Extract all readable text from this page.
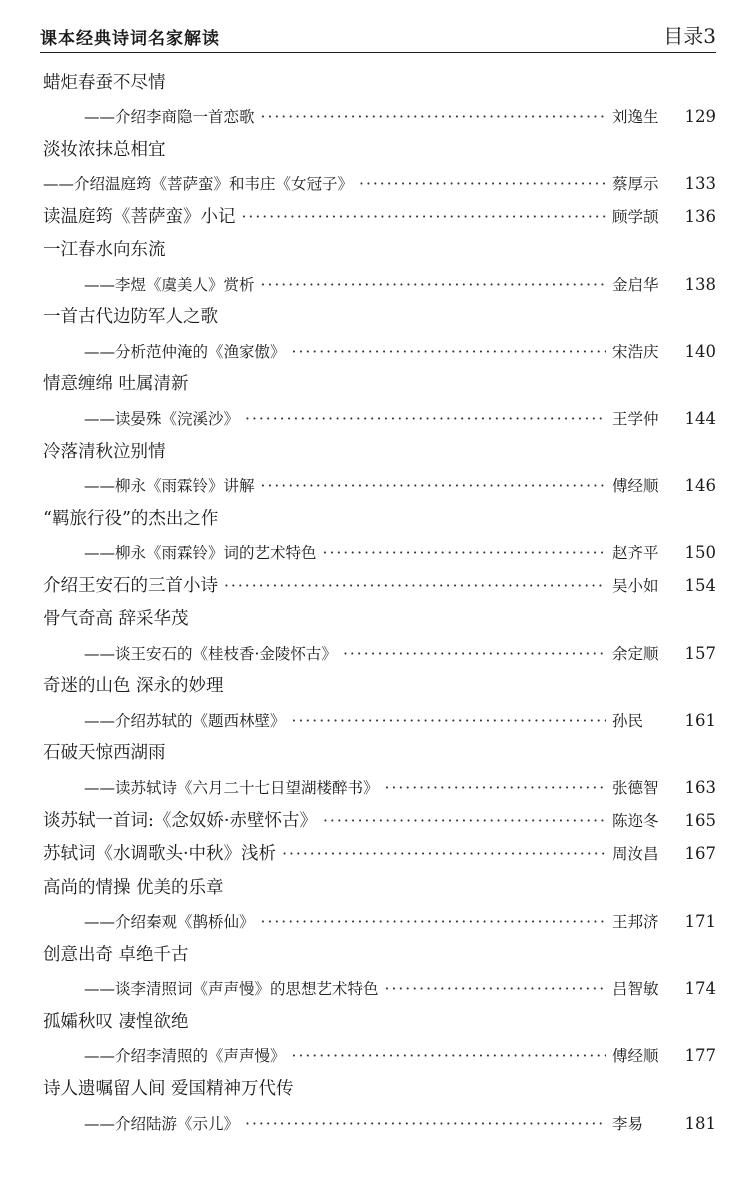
课本经典诗词名家解读	目录3
蜡炬春蚕不尽情
——介绍李商隐一首恋歌 ·····	刘逸生	129
淡妆浓抹总相宜
——介绍温庭筠《菩萨蛮》和韦庄《女冠子》 ·····	蔡厚示	133
读温庭筠《菩萨蛮》小记 ·····	顾学颉	136
一江春水向东流
——李煜《虞美人》赏析 ·····	金启华	138
一首古代边防军人之歌
——分析范仲淹的《渔家傲》 ·····	宋浩庆	140
情意缠绵 吐属清新
——读晏殊《浣溪沙》 ·····	王学仲	144
冷落清秋泣别情
——柳永《雨霖铃》讲解 ·····	傅经顺	146
“羁旅行役”的杰出之作
——柳永《雨霖铃》词的艺术特色 ·····	赵齐平	150
介绍王安石的三首小诗 ·····	吴小如	154
骨气奇高 辞采华茂
——谈王安石的《桂枝香·金陵怀古》 ·····	余定顺	157
奇迷的山色 深永的妙理
——介绍苏轼的《题西林壁》 ·····	孙民	161
石破天惊西湖雨
——读苏轼诗《六月二十七日望湖楼醉书》 ·····	张德智	163
谈苏轼一首词:《念奴娇·赤壁怀古》 ·····	陈迩冬	165
苏轼词《水调歌头·中秋》浅析 ·····	周汝昌	167
高尚的情操 优美的乐章
——介绍秦观《鹊桥仙》 ·····	王邦济	171
创意出奇 卓绝千古
——谈李清照词《声声慢》的思想艺术特色 ·····	吕智敏	174
孤孀秋叹 凄惶欲绝
——介绍李清照的《声声慢》 ·····	傅经顺	177
诗人遗嘱留人间 爱国精神万代传
——介绍陆游《示儿》 ·····	李易	181
